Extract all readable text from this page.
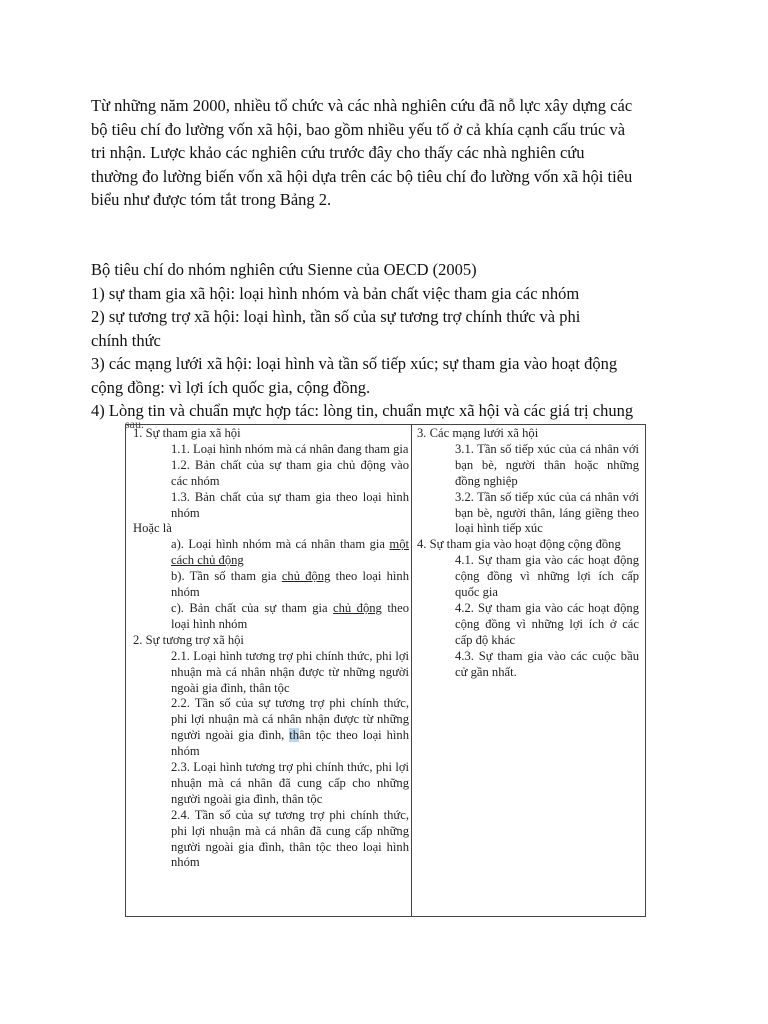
Từ những năm 2000, nhiều tổ chức và các nhà nghiên cứu đã nỗ lực xây dựng các
bộ tiêu chí đo lường vốn xã hội, bao gồm nhiều yếu tố ở cả khía cạnh cấu trúc và
tri nhận. Lược khảo các nghiên cứu trước đây cho thấy các nhà nghiên cứu
thường đo lường biến vốn xã hội dựa trên các bộ tiêu chí đo lường vốn xã hội tiêu
biểu như được tóm tắt trong Bảng 2.
Bộ tiêu chí do nhóm nghiên cứu Sienne của OECD (2005)
1) sự tham gia xã hội: loại hình nhóm và bản chất việc tham gia các nhóm
2) sự tương trợ xã hội: loại hình, tần số của sự tương trợ chính thức và phi
chính thức
3) các mạng lưới xã hội: loại hình và tần số tiếp xúc; sự tham gia vào hoạt động
cộng đồng: vì lợi ích quốc gia, cộng đồng.
4) Lòng tin và chuẩn mực hợp tác: lòng tin, chuẩn mực xã hội và các giá trị chung

1. Sự tham gia xã hội

1.1. Loại hình nhóm mà cá nhân đang tham gia

1.2. Bản chất của sự tham gia chủ động vào các nhóm

1.3. Bản chất của sự tham gia theo loại hình nhóm

Hoặc là

a). Loại hình nhóm mà cá nhân tham gia một cách chủ động

b). Tần số tham gia chủ động theo loại hình nhóm

c). Bản chất của sự tham gia chủ động theo loại hình nhóm

2. Sự tương trợ xã hội

2.1. Loại hình tương trợ phi chính thức, phi lợi nhuận mà cá nhân nhận được từ những người ngoài gia đình, thân tộc

2.2. Tần số của sự tương trợ phi chính thức, phi lợi nhuận mà cá nhân nhận được từ những người ngoài gia đình, thân tộc theo loại hình nhóm

2.3. Loại hình tương trợ phi chính thức, phi lợi nhuận mà cá nhân đã cung cấp cho những người ngoài gia đình, thân tộc

2.4. Tần số của sự tương trợ phi chính thức, phi lợi nhuận mà cá nhân đã cung cấp những người ngoài gia đình, thân tộc theo loại hình nhóm

3. Các mạng lưới xã hội

3.1. Tần số tiếp xúc của cá nhân với bạn bè, người thân hoặc những đồng nghiệp

3.2. Tần số tiếp xúc của cá nhân với bạn bè, người thân, láng giềng theo loại hình tiếp xúc

4. Sự tham gia vào hoạt động cộng đồng

4.1. Sự tham gia vào các hoạt động cộng đồng vì những lợi ích cấp quốc gia

4.2. Sự tham gia vào các hoạt động cộng đồng vì những lợi ích ở các cấp độ khác

4.3. Sự tham gia vào các cuộc bầu cử gần nhất.

sau.
